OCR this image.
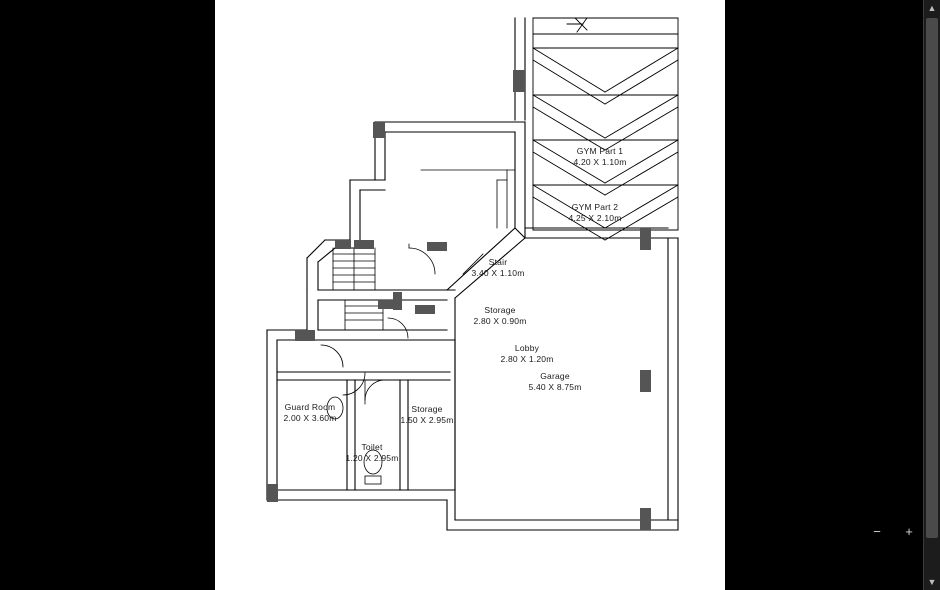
GYM Part 1
4.20 X 1.10m
GYM Part 2
4.25 X 2.10m
Stair
3.40 X 1.10m
Storage
2.80 X 0.90m
Lobby
2.80 X 1.20m
Guard Room
2.00 X 3.60m
Storage
1.50 X 2.95m
Toilet
1.20 X 2.95m
Garage
5.40 X 8.75m
− +
▲
▼
